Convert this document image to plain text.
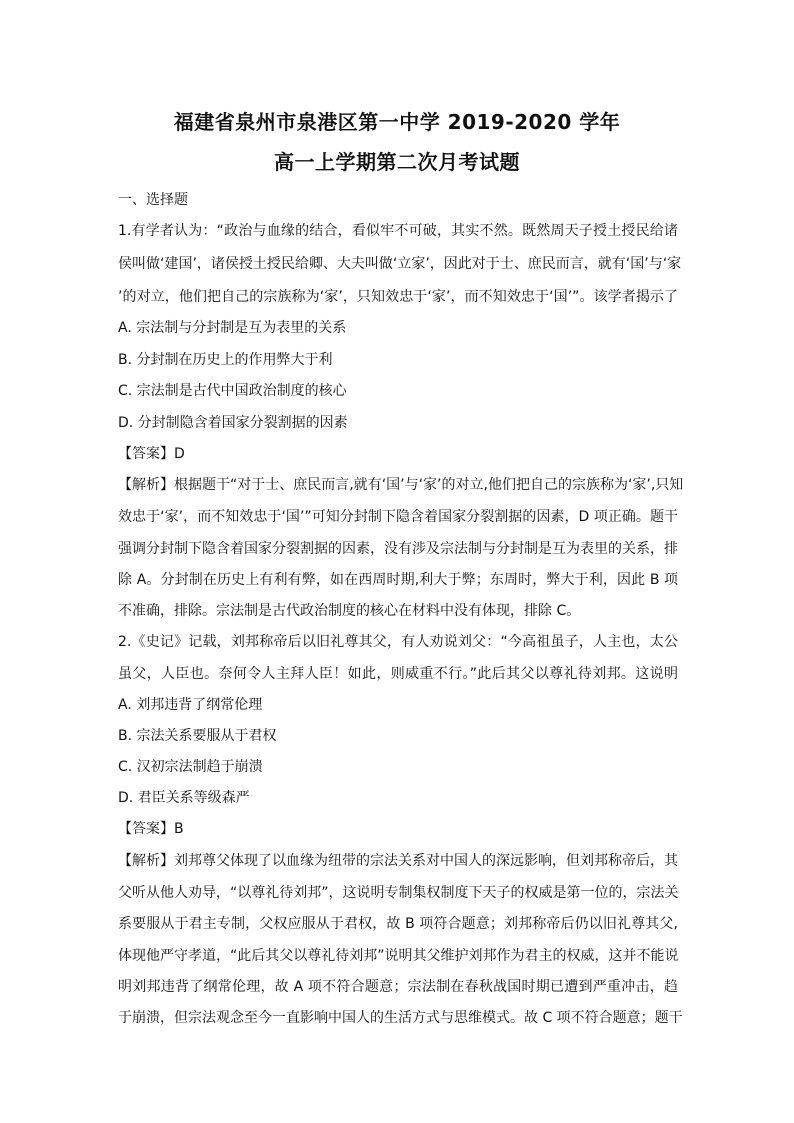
福建省泉州市泉港区第一中学 2019-2020 学年
高一上学期第二次月考试题
一、选择题
1.有学者认为：“政治与血缘的结合，看似牢不可破，其实不然。既然周天子授土授民给诸
侯叫做‘建国’，诸侯授土授民给卿、大夫叫做‘立家’，因此对于士、庶民而言，就有‘国’与‘家
’的对立，他们把自己的宗族称为‘家’，只知效忠于‘家’，而不知效忠于‘国’”。该学者揭示了
A. 宗法制与分封制是互为表里的关系
B. 分封制在历史上的作用弊大于利
C. 宗法制是古代中国政治制度的核心
D. 分封制隐含着国家分裂割据的因素
【答案】D
【解析】根据题干“对于士、庶民而言,就有‘国’与‘家’的对立,他们把自己的宗族称为‘家’,只知
效忠于‘家’，而不知效忠于‘国’”可知分封制下隐含着国家分裂割据的因素，D 项正确。题干
强调分封制下隐含着国家分裂割据的因素，没有涉及宗法制与分封制是互为表里的关系，排
除 A。分封制在历史上有利有弊，如在西周时期,利大于弊；东周时，弊大于利，因此 B 项
不准确，排除。宗法制是古代政治制度的核心在材料中没有体现，排除 C。
2.《史记》记载，刘邦称帝后以旧礼尊其父，有人劝说刘父：“今高祖虽子，人主也，太公
虽父，人臣也。奈何令人主拜人臣！如此，则威重不行。”此后其父以尊礼待刘邦。这说明
A. 刘邦违背了纲常伦理
B. 宗法关系要服从于君权
C. 汉初宗法制趋于崩溃
D. 君臣关系等级森严
【答案】B
【解析】刘邦尊父体现了以血缘为纽带的宗法关系对中国人的深远影响，但刘邦称帝后，其
父听从他人劝导，“以尊礼待刘邦”，这说明专制集权制度下天子的权威是第一位的，宗法关
系要服从于君主专制，父权应服从于君权，故 B 项符合题意；刘邦称帝后仍以旧礼尊其父,
体现他严守孝道，“此后其父以尊礼待刘邦”说明其父维护刘邦作为君主的权威，这并不能说
明刘邦违背了纲常伦理，故 A 项不符合题意；宗法制在春秋战国时期已遭到严重冲击，趋
于崩溃，但宗法观念至今一直影响中国人的生活方式与思维模式。故 C 项不符合题意；题干
